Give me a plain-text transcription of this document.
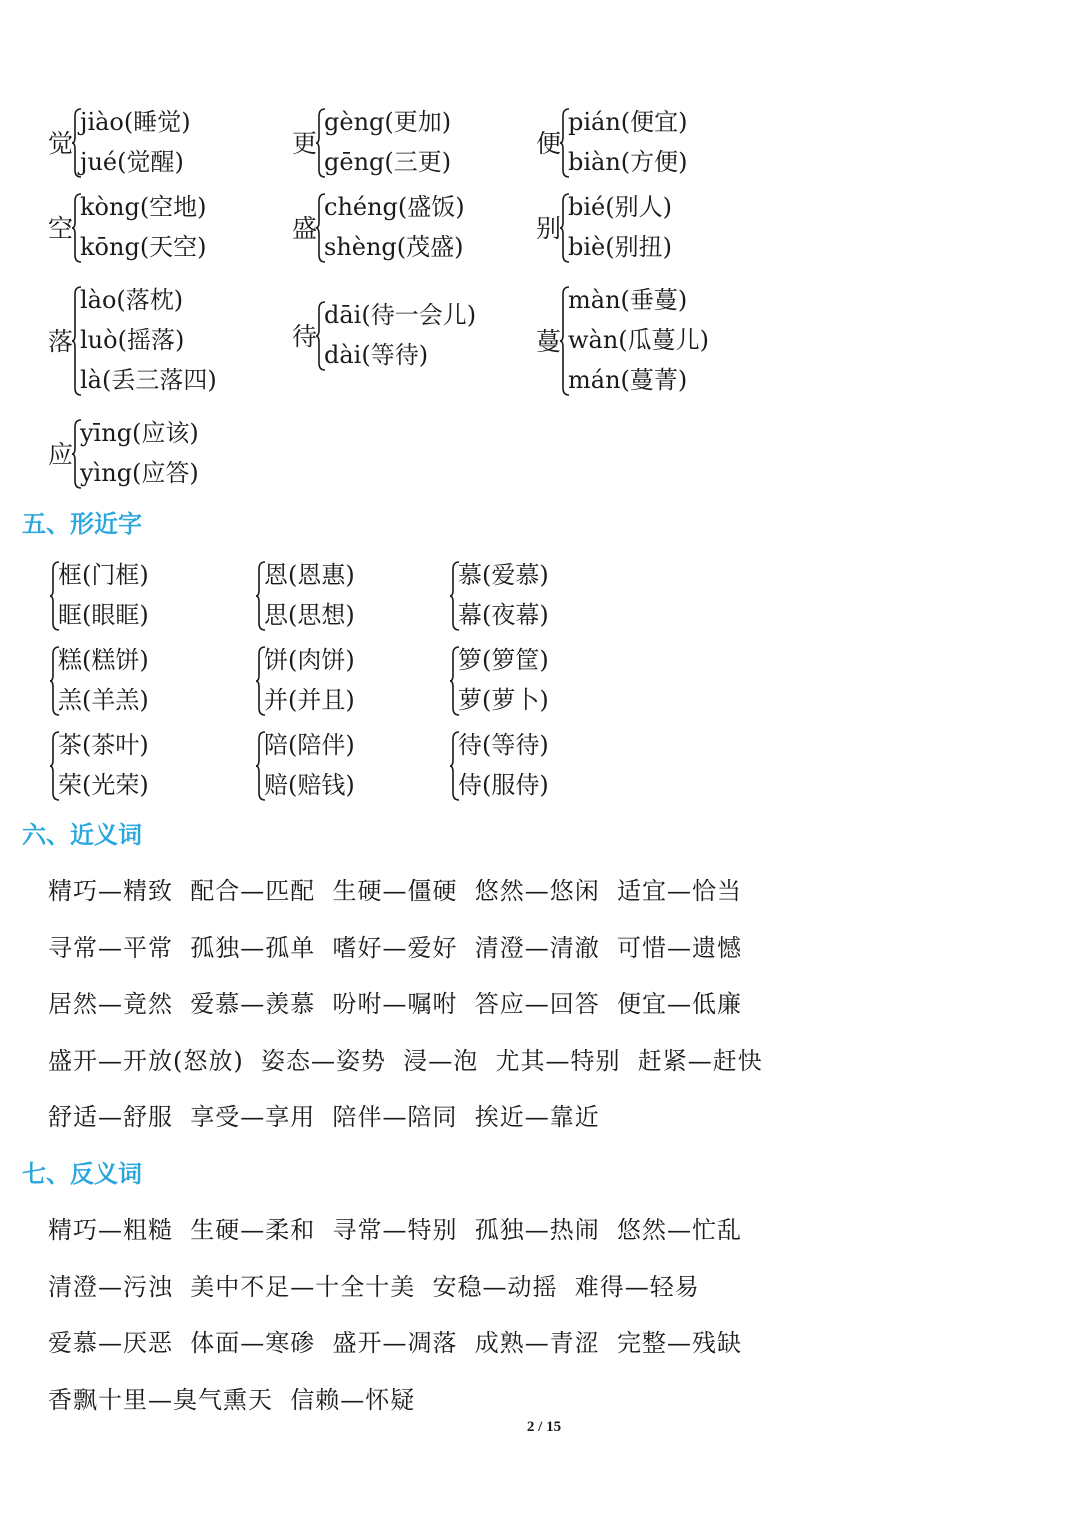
觉
jiào(睡觉)
jué(觉醒)
更
gèng(更加)
gēng(三更)
便
pián(便宜)
biàn(方便)
空
kòng(空地)
kōng(天空)
盛
chéng(盛饭)
shèng(茂盛)
别
bié(别人)
biè(别扭)
落
lào(落枕)
luò(摇落)
là(丢三落四)
待
dāi(待一会儿)
dài(等待)	蔓
màn(垂蔓)
wàn(瓜蔓儿)
mán(蔓菁)
应
yīng(应该)
yìng(应答)
五、形近字
框(门框)
眶(眼眶)
恩(恩惠)
思(思想)
慕(爱慕)
幕(夜幕)
糕(糕饼)
羔(羊羔)
饼(肉饼)
并(并且)
箩(箩筐)
萝(萝卜)
茶(茶叶)
荣(光荣)
陪(陪伴)
赔(赔钱)
待(等待)
侍(服侍)
六、近义词
精巧—精致  配合—匹配  生硬—僵硬  悠然—悠闲  适宜—恰当
寻常—平常  孤独—孤单  嗜好—爱好  清澄—清澈  可惜—遗憾
居然—竟然  爱慕—羡慕  吩咐—嘱咐  答应—回答  便宜—低廉
盛开—开放(怒放)  姿态—姿势  浸—泡  尤其—特别  赶紧—赶快
舒适—舒服  享受—享用  陪伴—陪同  挨近—靠近
七、反义词
精巧—粗糙  生硬—柔和  寻常—特别  孤独—热闹  悠然—忙乱
清澄—污浊  美中不足—十全十美  安稳—动摇  难得—轻易
爱慕—厌恶  体面—寒碜  盛开—凋落  成熟—青涩  完整—残缺
香飘十里—臭气熏天  信赖—怀疑
2 / 15
